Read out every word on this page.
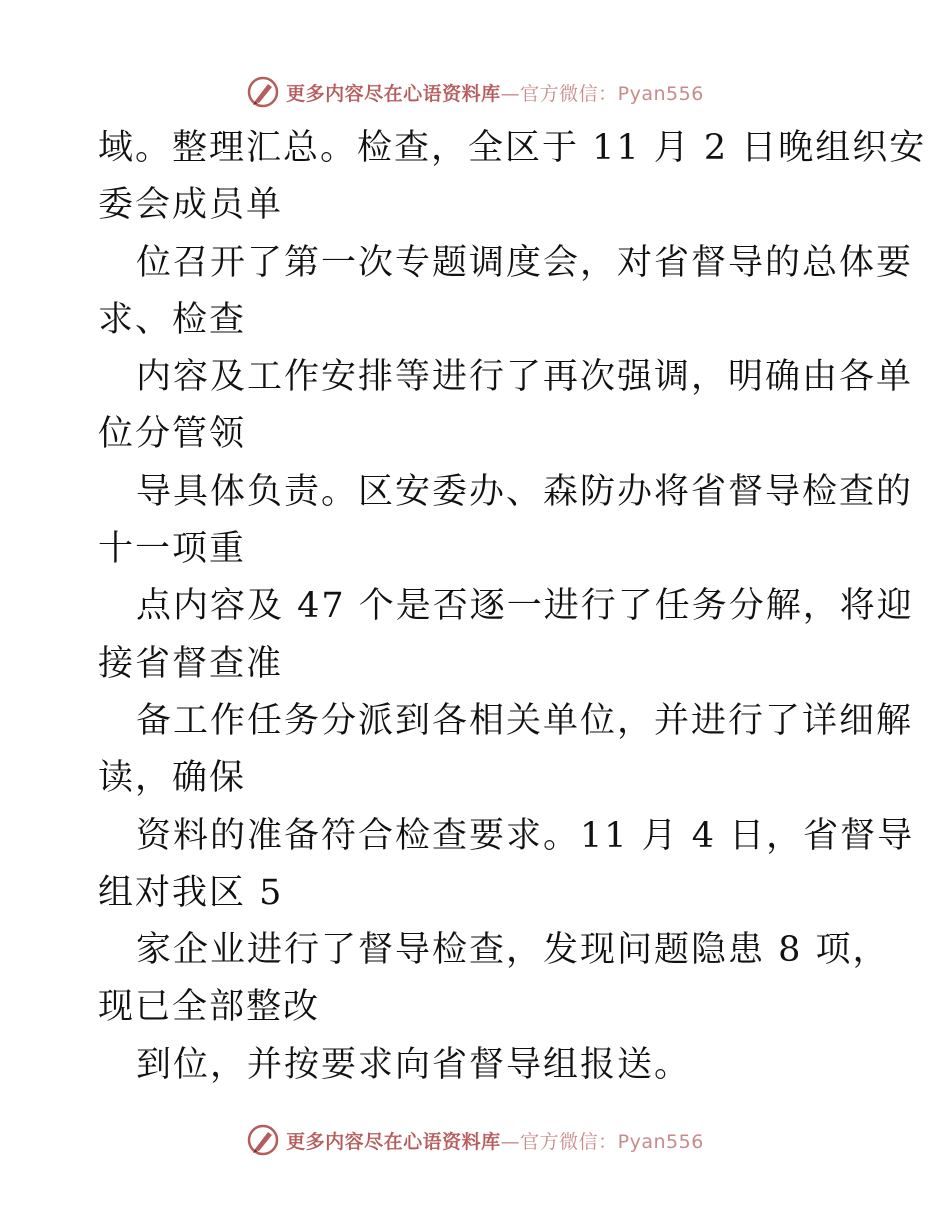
更多内容尽在心语资料库—官方微信：Pyan556
域。整理汇总。检查，全区于 11 月 2 日晚组织安
委会成员单
位召开了第一次专题调度会，对省督导的总体要
求、检查
内容及工作安排等进行了再次强调，明确由各单
位分管领
导具体负责。区安委办、森防办将省督导检查的
十一项重
点内容及 47 个是否逐一进行了任务分解，将迎
接省督查准
备工作任务分派到各相关单位，并进行了详细解
读，确保
资料的准备符合检查要求。11 月 4 日，省督导
组对我区 5
家企业进行了督导检查，发现问题隐患 8 项，
现已全部整改
到位，并按要求向省督导组报送。
更多内容尽在心语资料库—官方微信：Pyan556
